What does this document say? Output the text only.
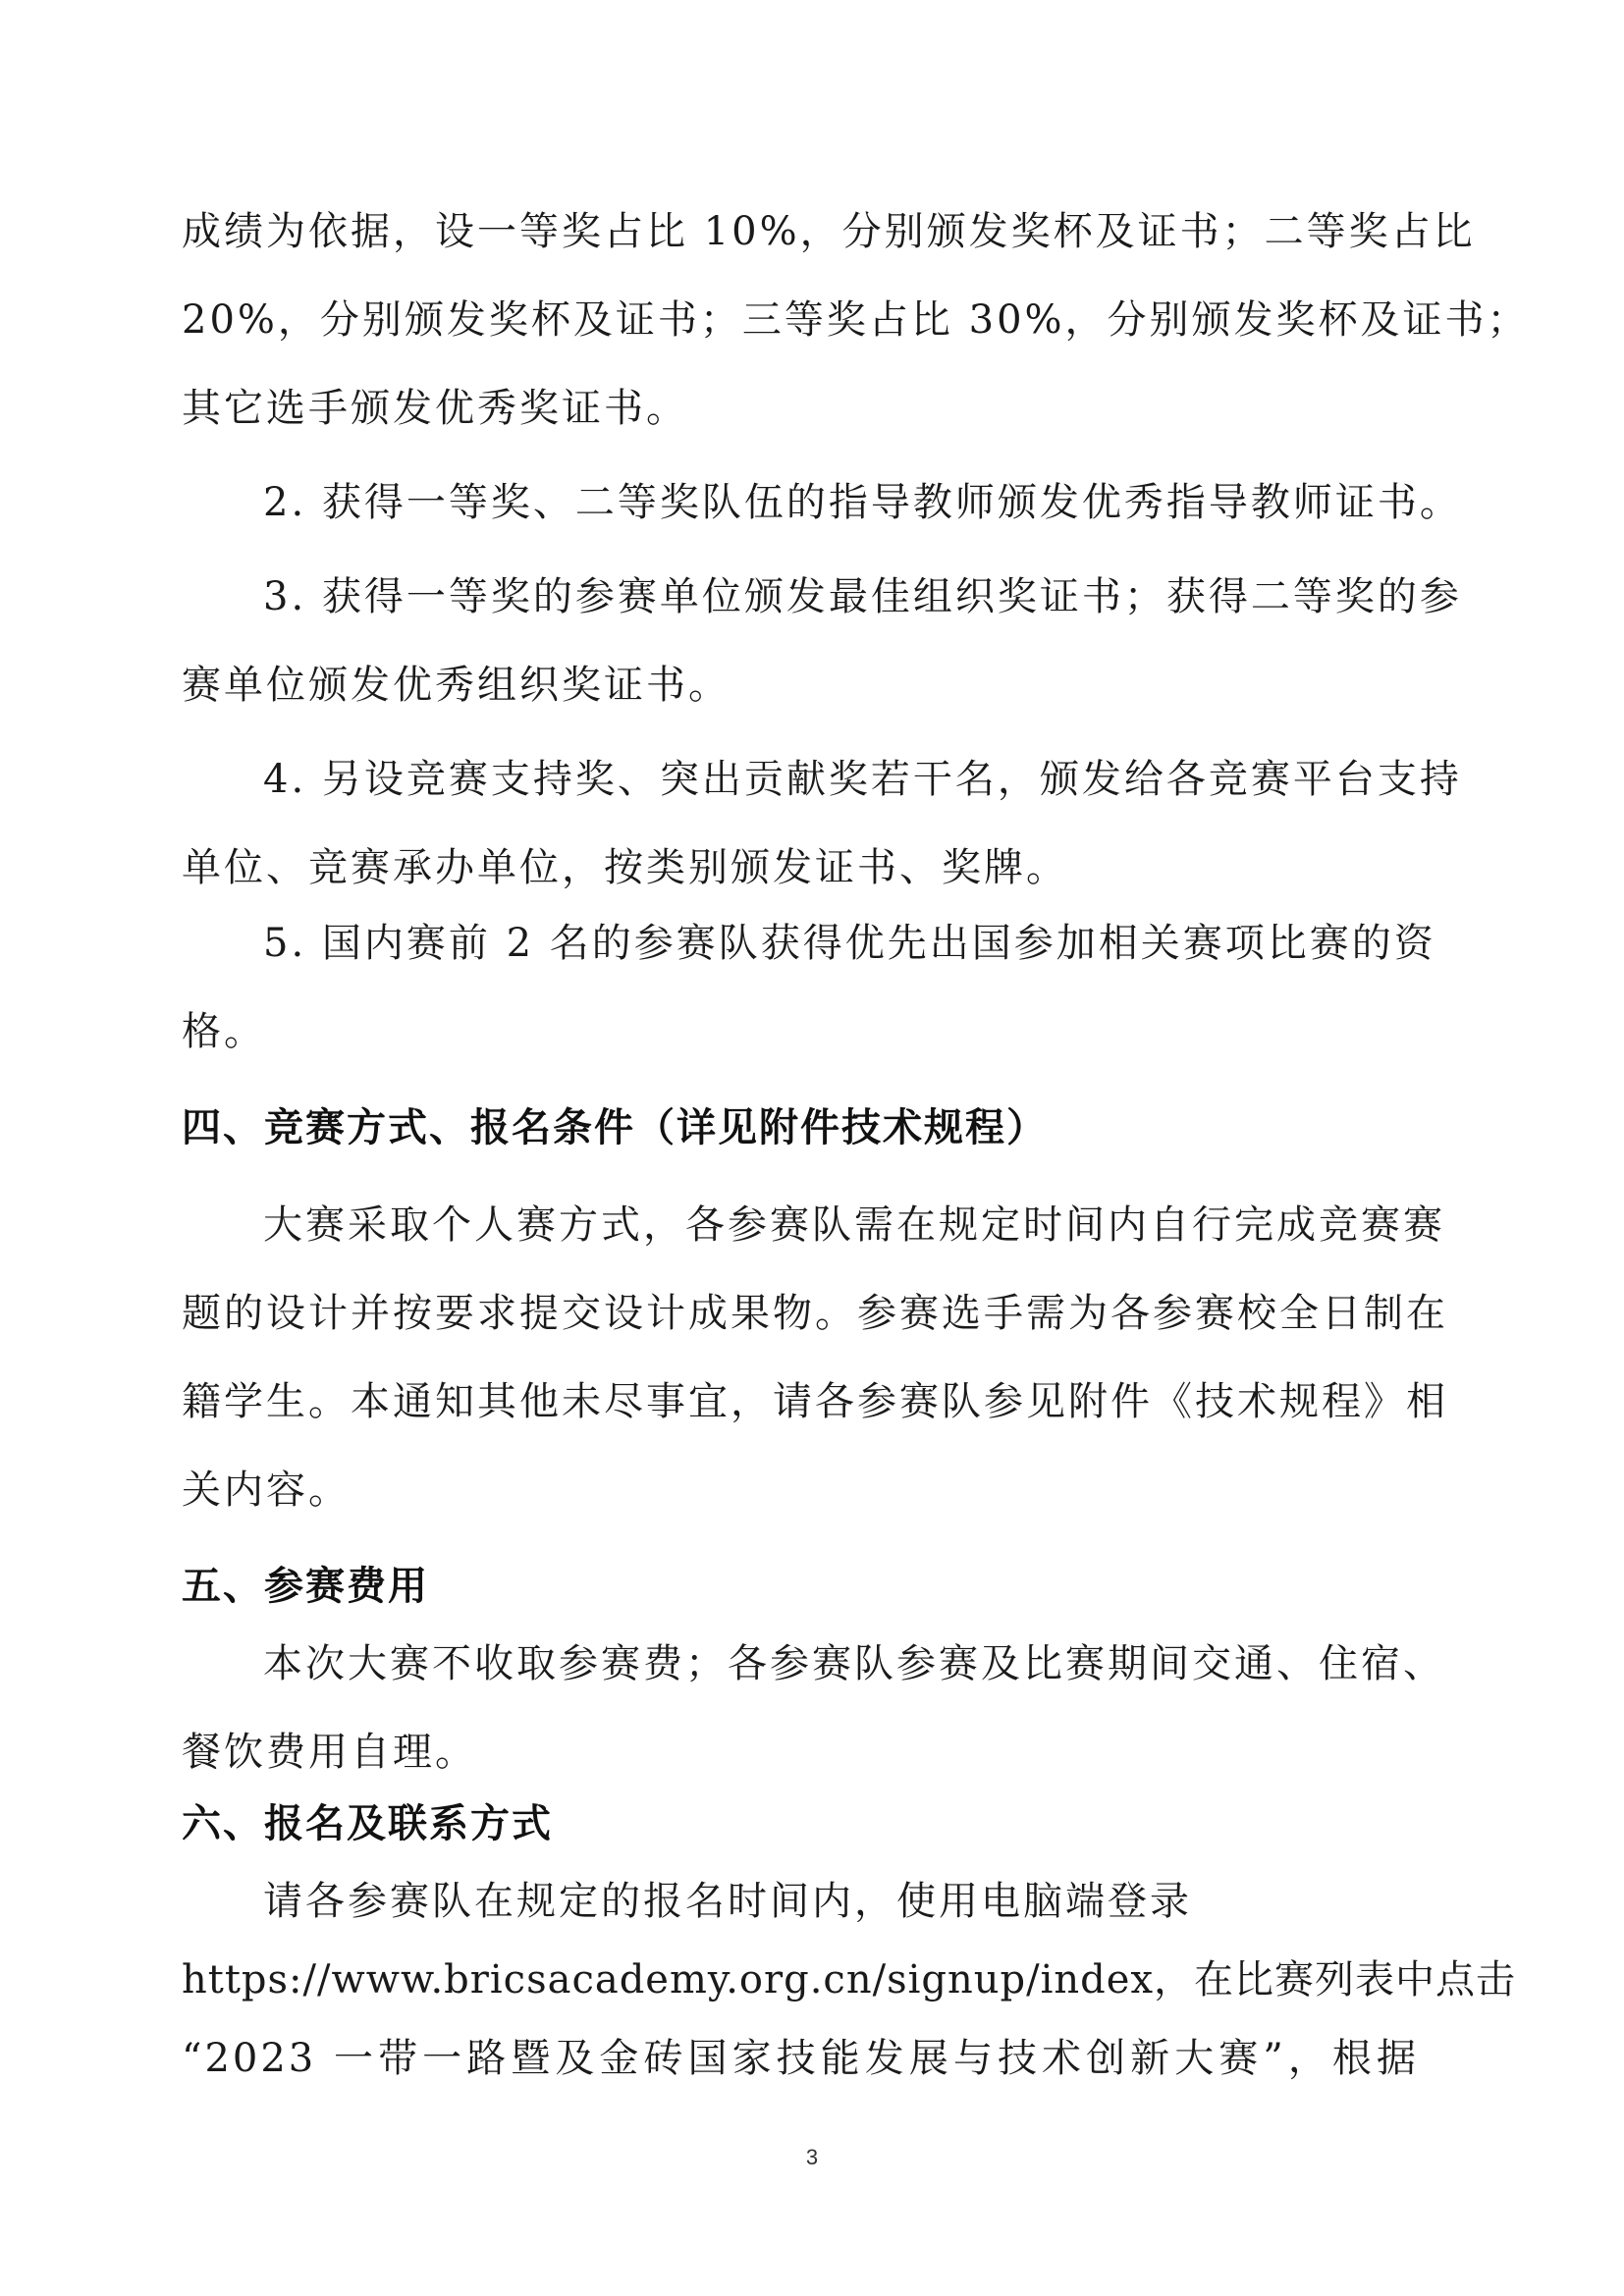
成绩为依据，设一等奖占比 10%，分别颁发奖杯及证书；二等奖占比
20%，分别颁发奖杯及证书；三等奖占比 30%，分别颁发奖杯及证书；
其它选手颁发优秀奖证书。
2. 获得一等奖、二等奖队伍的指导教师颁发优秀指导教师证书。
3. 获得一等奖的参赛单位颁发最佳组织奖证书；获得二等奖的参
赛单位颁发优秀组织奖证书。
4. 另设竞赛支持奖、突出贡献奖若干名，颁发给各竞赛平台支持
单位、竞赛承办单位，按类别颁发证书、奖牌。
5. 国内赛前 2 名的参赛队获得优先出国参加相关赛项比赛的资
格。
四、竞赛方式、报名条件（详见附件技术规程）
大赛采取个人赛方式，各参赛队需在规定时间内自行完成竞赛赛
题的设计并按要求提交设计成果物。参赛选手需为各参赛校全日制在
籍学生。本通知其他未尽事宜，请各参赛队参见附件《技术规程》相
关内容。
五、参赛费用
本次大赛不收取参赛费；各参赛队参赛及比赛期间交通、住宿、
餐饮费用自理。
六、报名及联系方式
请各参赛队在规定的报名时间内，使用电脑端登录
https://www.bricsacademy.org.cn/signup/index，在比赛列表中点击
“2023 一带一路暨及金砖国家技能发展与技术创新大赛”，根据
3
